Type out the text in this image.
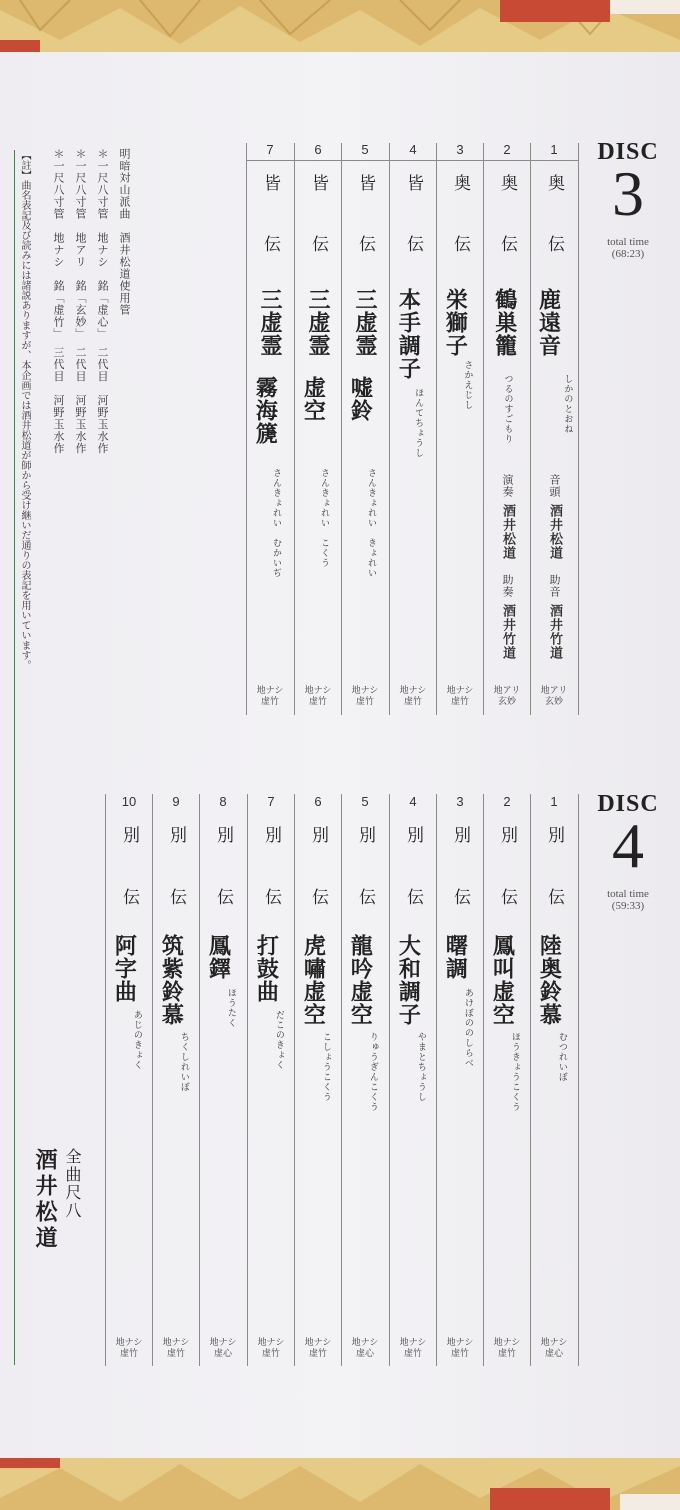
DISC
3
total time
(68:23)
DISC
4
total time
(59:33)
1
奥
伝
鹿遠音
しかのとおね
音頭
酒井松道
助音
酒井竹道
地アリ
玄妙
2
奥
伝
鶴巣籠
つるのすごもり
演奏
酒井松道
助奏
酒井竹道
地アリ
玄妙
3
奥
伝
栄獅子
さかえじし
地ナシ
虚竹
4
皆
伝
本手調子
ほんてちょうし
地ナシ
虚竹
5
皆
伝
三虚霊
嘘鈴
さんきょれい　きょれい
地ナシ
虚竹
6
皆
伝
三虚霊
虚空
さんきょれい　こくう
地ナシ
虚竹
7
皆
伝
三虚霊
霧海篪
さんきょれい　むかいぢ
地ナシ
虚竹
1
別
伝
陸奥鈴慕
むつれいぼ
地ナシ
虚心
2
別
伝
鳳叫虚空
ほうきょうこくう
地ナシ
虚竹
3
別
伝
曙調
あけぼののしらべ
地ナシ
虚竹
4
別
伝
大和調子
やまとちょうし
地ナシ
虚竹
5
別
伝
龍吟虚空
りゅうぎんこくう
地ナシ
虚心
6
別
伝
虎嘯虚空
こしょうこくう
地ナシ
虚竹
7
別
伝
打鼓曲
だこのきょく
地ナシ
虚竹
8
別
伝
鳳鐸
ほうたく
地ナシ
虚心
9
別
伝
筑紫鈴慕
ちくしれいぼ
地ナシ
虚竹
10
別
伝
阿字曲
あじのきょく
地ナシ
虚竹
明暗対山派曲　酒井松道使用管
＊一尺八寸管　地ナシ　銘「虚心」　二代目　河野玉水作
＊一尺八寸管　地アリ　銘「玄妙」　二代目　河野玉水作
＊一尺八寸管　地ナシ　銘「虚竹」　三代目　河野玉水作
【註】曲名表記及び読みには諸説ありますが、本企画では酒井松道が師から受け継いだ通りの表記を用いています。
全曲尺八
酒井松道
